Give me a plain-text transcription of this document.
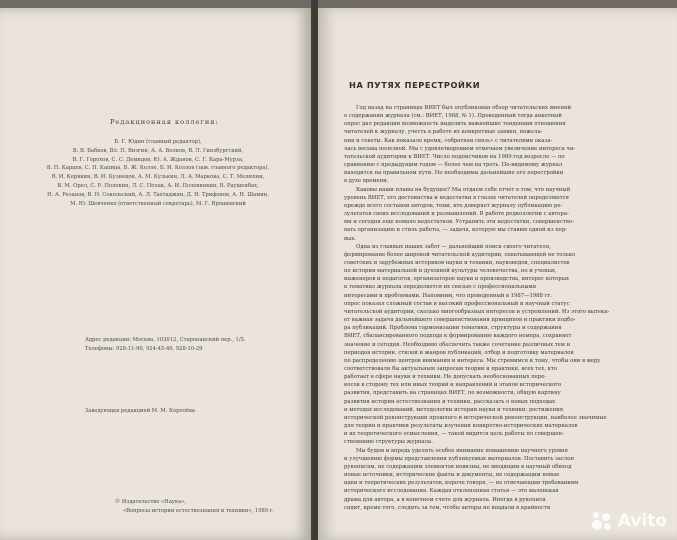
Редакционная коллегия:
Б. Г. Юдин (главный редактор),
В. В. Бабков, Вл. П. Визгин, А. А. Волков, В. Л. Гинзбургский,
В. Г. Горохов, С. С. Демидов, Ю. А. Жданов, С. Г. Кара-Мурза,
В. П. Карцев, С. П. Капица, В. Ж. Келле, Б. И. Козлов (зам. главного редактора),
В. И. Корякин, В. И. Кузнецов, А. М. Кулькин, Л. А. Маркова, С. Т. Мелюхин,
В. М. Орел, С. Р. Полекин, Л. С. Полак, А. И. Половинкин, В. Раушенбах,
Н. А. Резанов, В. Н. Сокольский, А. Л. Тахтаджян, Д. Н. Трифонов, А. Н. Шамин,
М. Ю. Шевченко (ответственный секретарь), М. Г. Ярошевский
Адрес редакции: Москва, 103012, Старопанский пер., 1/5.
Телефоны: 928-11-90, 924-45-40, 928-10-29
Заведующая редакцией М. М. Королёва
© Издательство «Наука»,
«Вопросы истории естествознания и техники», 1989 г.
НА ПУТЯХ ПЕРЕСТРОЙКИ

Год назад на страницах ВИЕТ был опубликован обзор читательских мнений
о содержании журнала (см.: ВИЕТ, 1988, № 1). Проведенный тогда анкетный
опрос дал редакции возможность выделить важнейшие тенденции отношения
читателей к журналу, учесть в работе их конкретные заявки, пожела-
ния и советы. Как показало время, «обратная связь» с читателями оказа-
лась весьма полезной. Мы с удовлетворением отмечаем увеличение интереса чи-
тательской аудитории к ВИЕТ. Число подписчиков на 1989 год возросло — по
сравнению с предыдущим годом — более чем на треть. По-видимому журнал
находится на правильном пути. Но необходимы дальнейшие его перестройки
в духе времени.

Каковы наши планы на будущее? Мы отдаем себе отчет в том, что научный
уровень ВИЕТ, его достоинства и недостатки в глазах читателей определяются
прежде всего составом авторов, теми, кто доверяет журналу публикацию ре-
зультатов своих исследований и размышлений. В работе редколлегии с автора-
ми и сегодня еще немало недостатков. Устранить эти недостатки, совершенство-
вать организацию и стиль работы, — задача, которую мы ставим одной из пер-
вых.

Одна из главных наших забот — дальнейший поиск своего читателя,
формирование более широкой читательской аудитории, охватывающей не только
советских и зарубежных историков науки и техники, науковедов, специалистов
по истории материальной и духовной культуры человечества, но и ученых,
инженеров и педагогов, организаторов науки и производства, интерес которых
к тематике журнала определяется их связью с профессиональными
интересами и проблемами. Напомним, что проведенный в 1987—1988 гг.
опрос показал сложный состав и высокий профессиональный и научный статус
читательской аудитории, сколько многообразных интересов и устремлений. Из этого вытека-
ет важная задача дальнейшего совершенствования принципов и практики подбо-
ра публикаций. Проблема гармонизации тематики, структуры и содержания
ВИЕТ, сбалансированного подхода к формированию каждого номера, сохраняет
значение и сегодня. Необходимо обеспечить также сочетание различных тем и
периодов истории, стилей и жанров публикаций, отбор и подготовку материалов
по распределению центров внимания и интереса. Мы стремимся к тому, чтобы они в меру
соответствовали бы актуальным запросам теории и практики, всех тех, кто
работает в сфере науки и техники. Не допускать необоснованных пере-
косов в сторону тех или иных теорий и направлений и этапов исторического
развития, представить на страницах ВИЕТ, по возможности, общую картину
развития истории естествознания и техники, рассказать о новых подходах
и методах исследований, методологии истории науки и техники; достижения
исторической реконструкции прошлого и исторической реконструкции, наиболее значимые
для теории и практики результаты изучения конкретно-исторических материалов
и их теоретического осмысления, — такой видится цель работы по совершен-
ствованию структуры журнала.

Мы будем и впредь уделять особое внимание повышению научного уровня
и улучшению формы представления публикуемых материалов. Поставить заслон
рукописям, не содержащим элементов новизны, не вводящим в научный обиход
новые источники, исторические факты и документы, не содержащим новые
идеи и теоретических результатов, короче говоря, — не отвечающим требованиям
исторического исследования. Каждая отклоненная статья — это маленькая
драма для автора, а в конечном счете для журнала. Иногда в рукописи
сидит, кроме того, следить за тем, чтобы авторы не впадали в крайности

Avito
